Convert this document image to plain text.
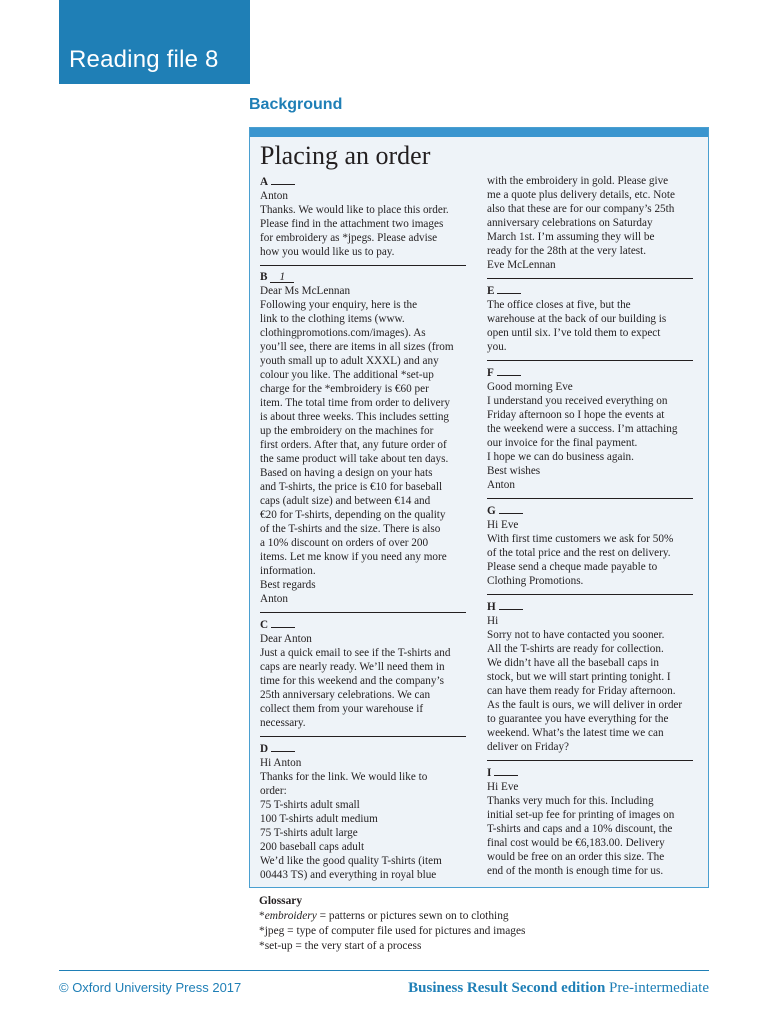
Reading file 8
Background
Placing an order
A
Anton
Thanks. We would like to place this order.
Please find in the attachment two images
for embroidery as *jpegs. Please advise
how you would like us to pay.
B 1
Dear Ms McLennan
Following your enquiry, here is the
link to the clothing items (www.
clothingpromotions.com/images). As
you’ll see, there are items in all sizes (from
youth small up to adult XXXL) and any
colour you like. The additional *set-up
charge for the *embroidery is €60 per
item. The total time from order to delivery
is about three weeks. This includes setting
up the embroidery on the machines for
first orders. After that, any future order of
the same product will take about ten days.
Based on having a design on your hats
and T-shirts, the price is €10 for baseball
caps (adult size) and between €14 and
€20 for T-shirts, depending on the quality
of the T-shirts and the size. There is also
a 10% discount on orders of over 200
items. Let me know if you need any more
information.
Best regards
Anton
C
Dear Anton
Just a quick email to see if the T-shirts and
caps are nearly ready. We’ll need them in
time for this weekend and the company’s
25th anniversary celebrations. We can
collect them from your warehouse if
necessary.
D
Hi Anton
Thanks for the link. We would like to
order:
75 T-shirts adult small
100 T-shirts adult medium
75 T-shirts adult large
200 baseball caps adult
We’d like the good quality T-shirts (item
00443 TS) and everything in royal blue
with the embroidery in gold. Please give
me a quote plus delivery details, etc. Note
also that these are for our company’s 25th
anniversary celebrations on Saturday
March 1st. I’m assuming they will be
ready for the 28th at the very latest.
Eve McLennan
E
The office closes at five, but the
warehouse at the back of our building is
open until six. I’ve told them to expect
you.
F
Good morning Eve
I understand you received everything on
Friday afternoon so I hope the events at
the weekend were a success. I’m attaching
our invoice for the final payment.
I hope we can do business again.
Best wishes
Anton
G
Hi Eve
With first time customers we ask for 50%
of the total price and the rest on delivery.
Please send a cheque made payable to
Clothing Promotions.
H
Hi
Sorry not to have contacted you sooner.
All the T-shirts are ready for collection.
We didn’t have all the baseball caps in
stock, but we will start printing tonight. I
can have them ready for Friday afternoon.
As the fault is ours, we will deliver in order
to guarantee you have everything for the
weekend. What’s the latest time we can
deliver on Friday?
I
Hi Eve
Thanks very much for this. Including
initial set-up fee for printing of images on
T-shirts and caps and a 10% discount, the
final cost would be €6,183.00. Delivery
would be free on an order this size. The
end of the month is enough time for us.
Glossary
*embroidery = patterns or pictures sewn on to clothing
*jpeg = type of computer file used for pictures and images
*set-up = the very start of a process
© Oxford University Press 2017	Business Result Second edition Pre-intermediate
